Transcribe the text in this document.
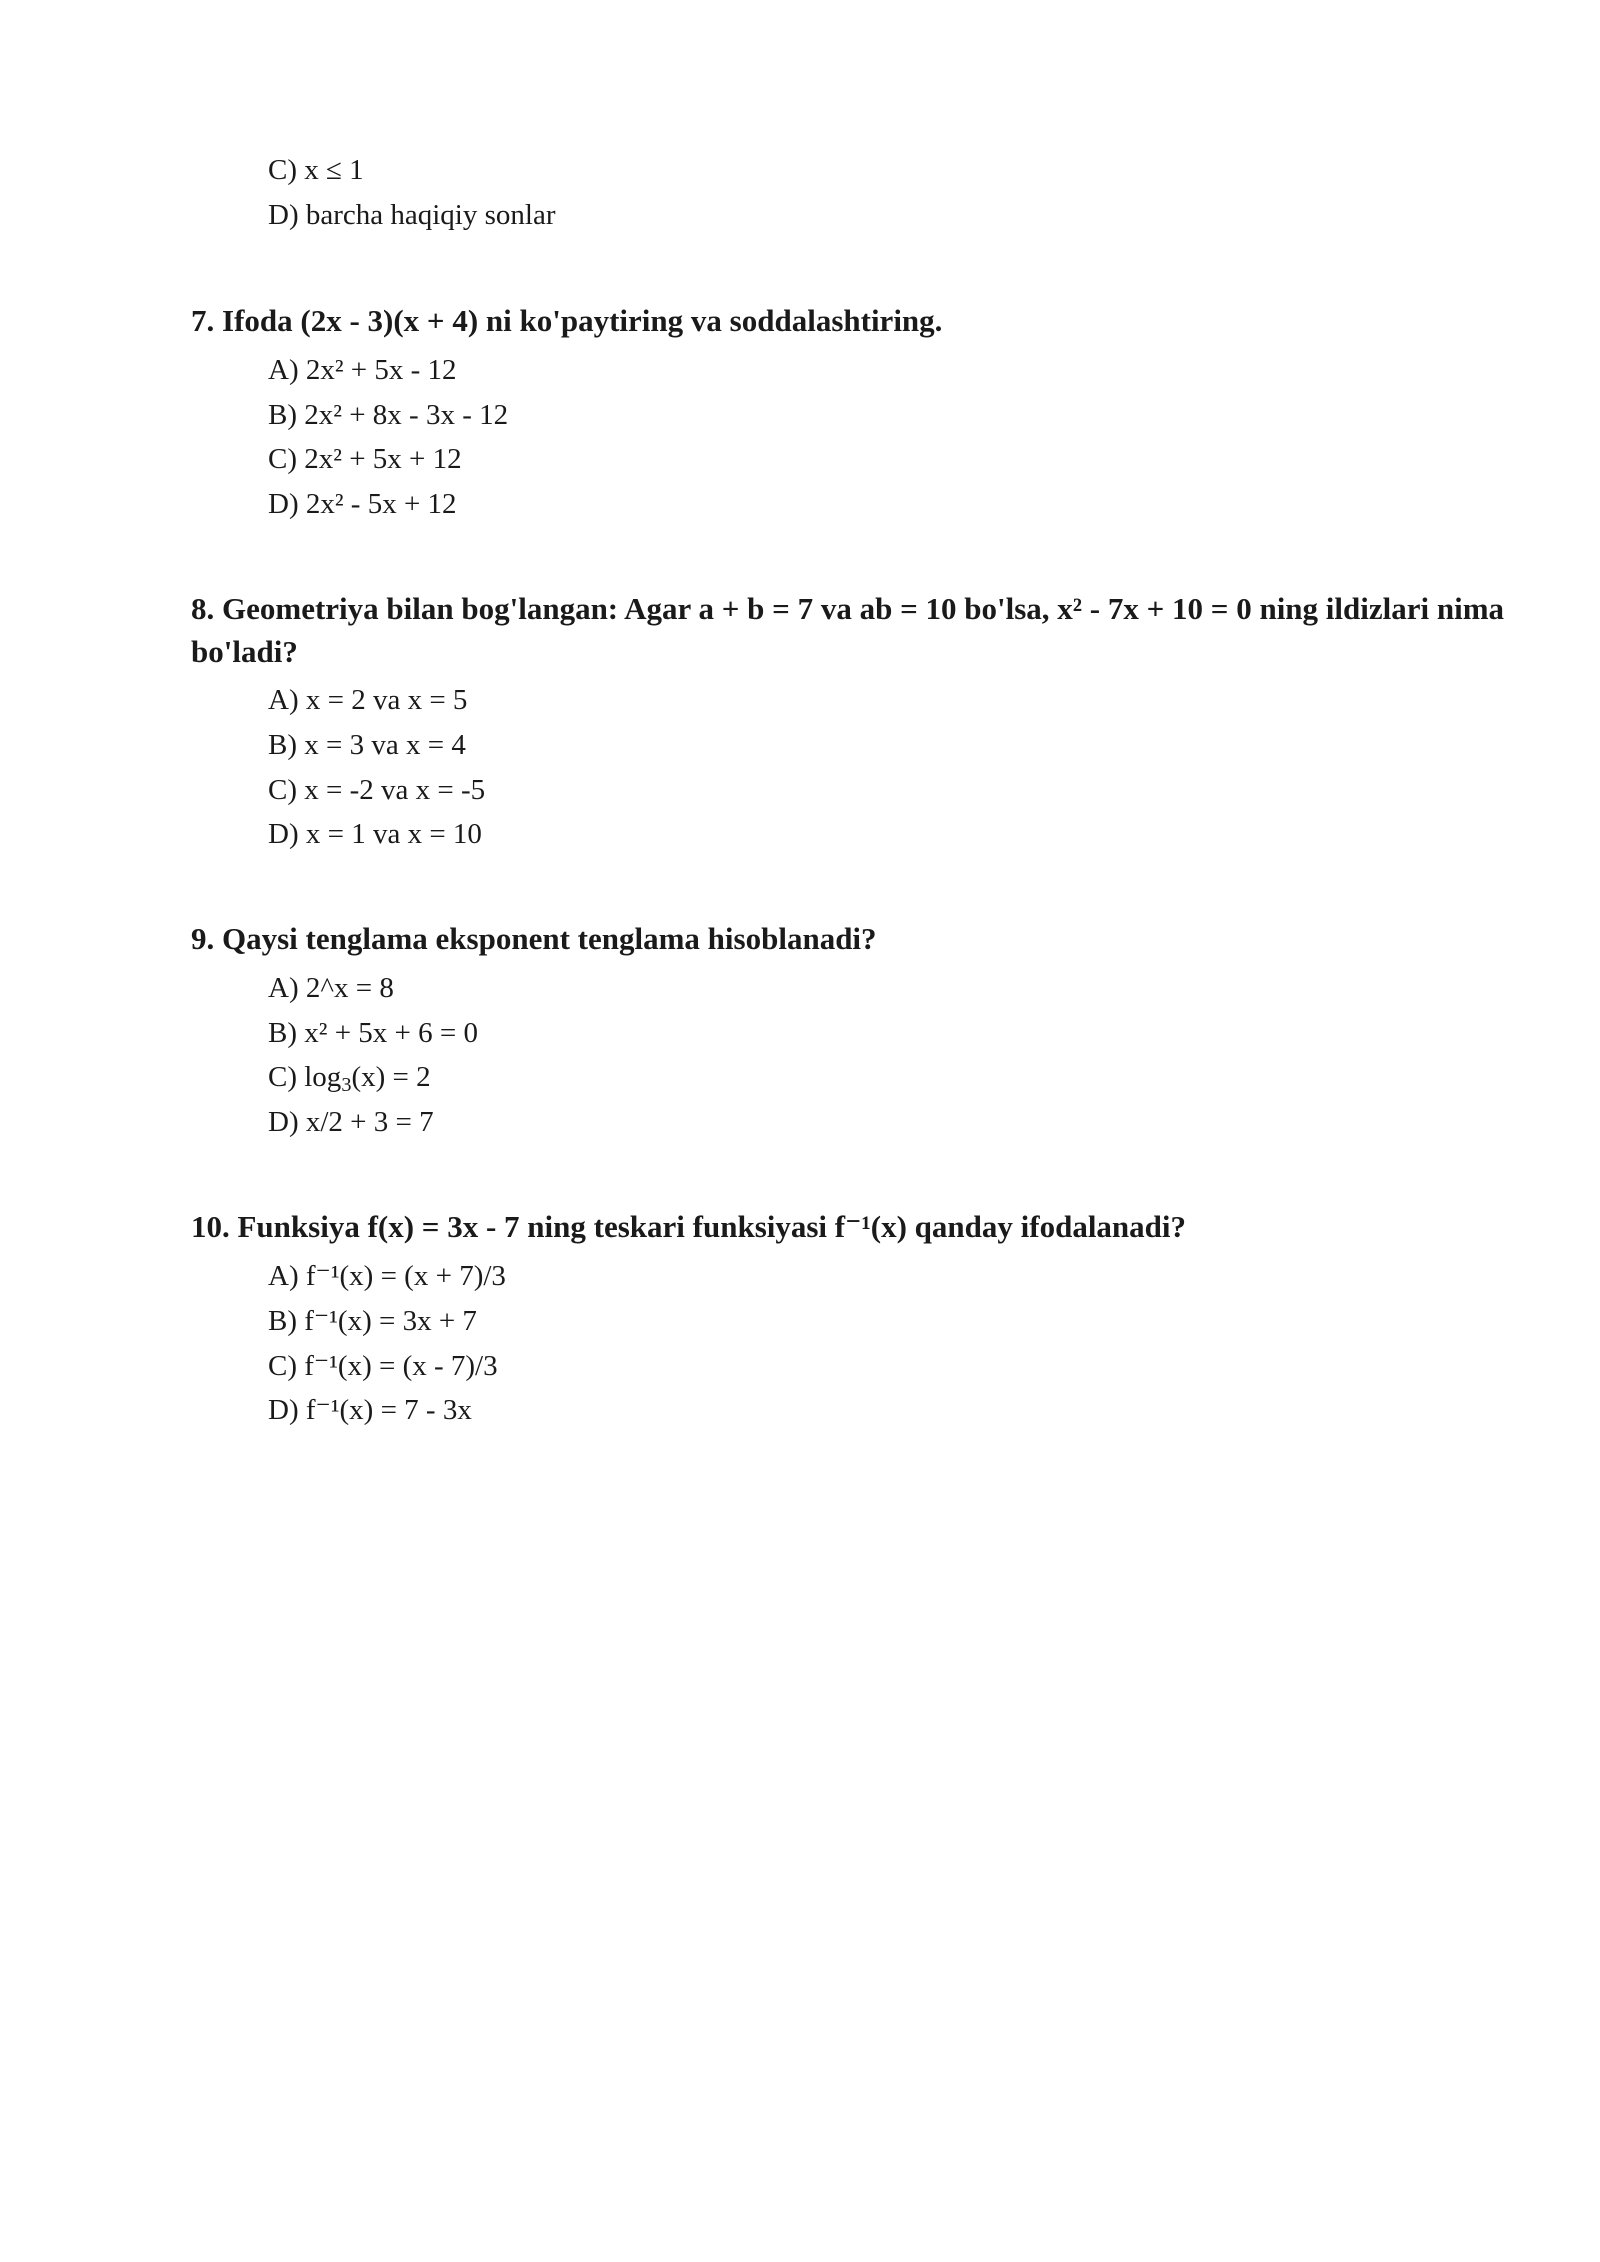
C) x ≤ 1
D) barcha haqiqiy sonlar
7. Ifoda (2x - 3)(x + 4) ni ko'paytiring va soddalashtiring.
A) 2x² + 5x - 12
B) 2x² + 8x - 3x - 12
C) 2x² + 5x + 12
D) 2x² - 5x + 12
8. Geometriya bilan bog'langan: Agar a + b = 7 va ab = 10 bo'lsa, x² - 7x + 10 = 0 ning ildizlari nima bo'ladi?
A) x = 2 va x = 5
B) x = 3 va x = 4
C) x = -2 va x = -5
D) x = 1 va x = 10
9. Qaysi tenglama eksponent tenglama hisoblanadi?
A) 2^x = 8
B) x² + 5x + 6 = 0
C) $\log_3(x) = 2$
D) x/2 + 3 = 7
10. Funksiya f(x) = 3x - 7 ning teskari funksiyasi f⁻¹(x) qanday ifodalanadi?
A) f⁻¹(x) = (x + 7)/3
B) f⁻¹(x) = 3x + 7
C) f⁻¹(x) = (x - 7)/3
D) f⁻¹(x) = 7 - 3x
